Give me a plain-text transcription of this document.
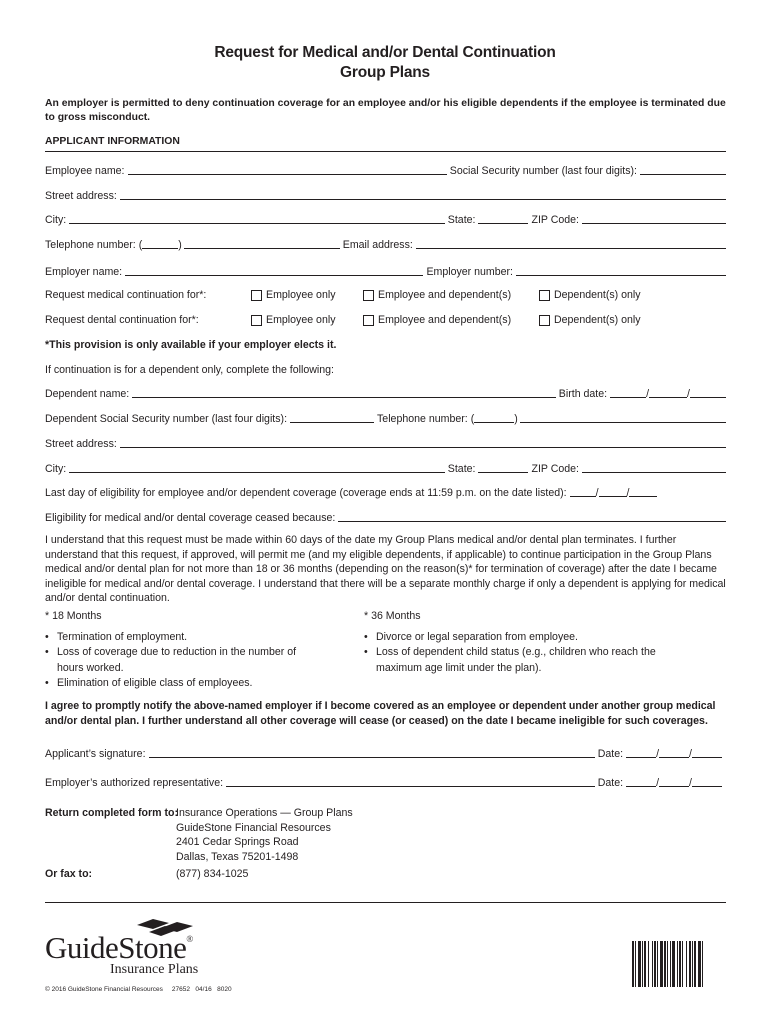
Request for Medical and/or Dental Continuation
Group Plans
An employer is permitted to deny continuation coverage for an employee and/or his eligible dependents if the employee is terminated due to gross misconduct.
APPLICANT INFORMATION
Employee name:	Social Security number (last four digits):
Street address:
City:	State:	ZIP Code:
Telephone number: (	)	Email address:
Employer name:	Employer number:
Request medical continuation for*:	Employee only	Employee and dependent(s)	Dependent(s) only
Request dental continuation for*:	Employee only	Employee and dependent(s)	Dependent(s) only
*This provision is only available if your employer elects it.
If continuation is for a dependent only, complete the following:
Dependent name:	Birth date:	/	/
Dependent Social Security number (last four digits):	Telephone number: (	)
Street address:
City:	State:	ZIP Code:
Last day of eligibility for employee and/or dependent coverage (coverage ends at 11:59 p.m. on the date listed):	/	/
Eligibility for medical and/or dental coverage ceased because:
I understand that this request must be made within 60 days of the date my Group Plans medical and/or dental plan terminates. I further understand that this request, if approved, will permit me (and my eligible dependents, if applicable) to continue participation in the Group Plans medical and/or dental plan for not more than 18 or 36 months (depending on the reason(s)* for termination of coverage) after the date I became ineligible for medical and/or dental coverage. I understand that there will be a separate monthly charge if only a dependent is applying for medical and/or dental continuation.
* 18 Months
• Termination of employment.
• Loss of coverage due to reduction in the number of hours worked.
• Elimination of eligible class of employees.
* 36 Months
• Divorce or legal separation from employee.
• Loss of dependent child status (e.g., children who reach the maximum age limit under the plan).
I agree to promptly notify the above-named employer if I become covered as an employee or dependent under another group medical and/or dental plan. I further understand all other coverage will cease (or ceased) on the date I became ineligible for such coverages.
Applicant’s signature:	Date:	/	/
Employer’s authorized representative:	Date:	/	/
Return completed form to:
Insurance Operations — Group Plans
GuideStone Financial Resources
2401 Cedar Springs Road
Dallas, Texas 75201-1498
Or fax to:	(877) 834-1025
GuideStone®
Insurance Plans
© 2016 GuideStone Financial Resources 27652   04/16   8020
